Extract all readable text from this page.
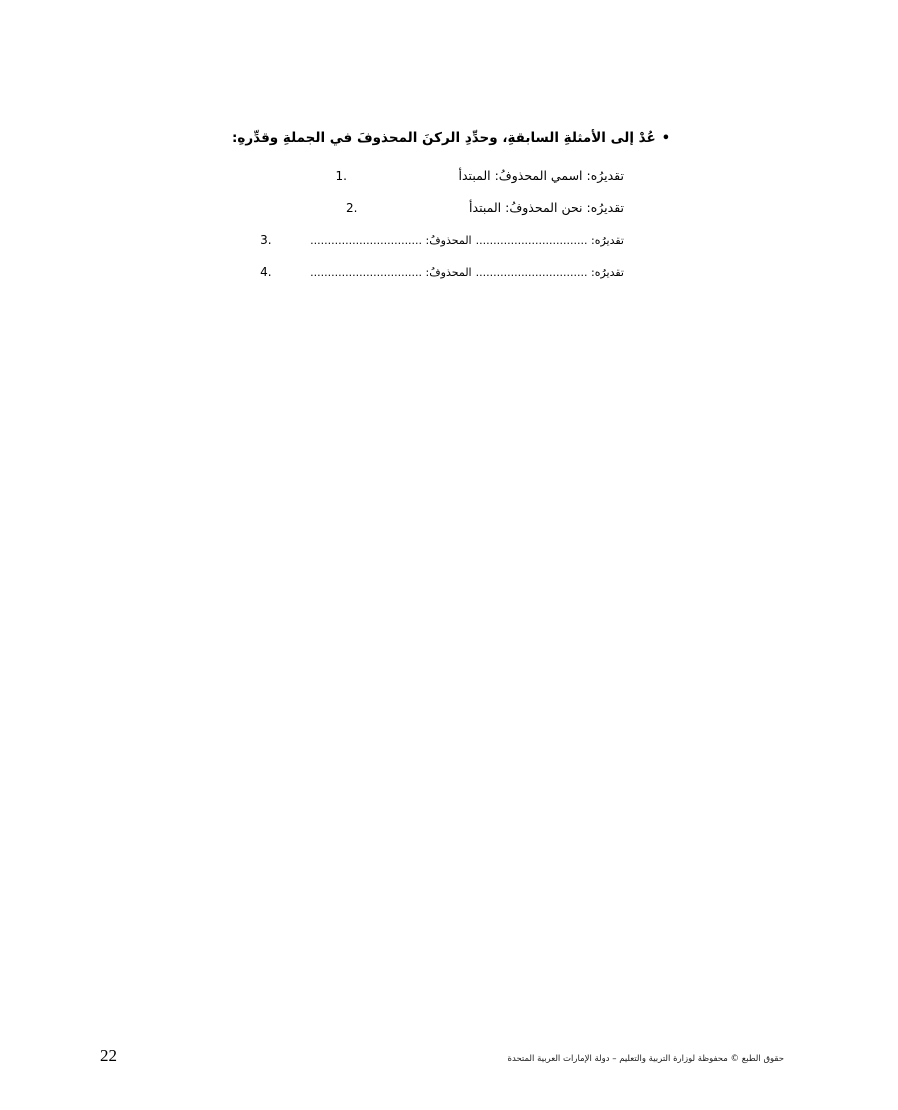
•
عُدْ إلى الأمثلةِ السابقةِ، وحدِّدِ الركنَ المحذوفَ في الجملةِ وقدِّرهِ:
تقديرُه: اسمي
المحذوفُ: المبتدأ
1.
تقديرُه: نحن
المحذوفُ: المبتدأ
2.
تقديرُه: ................................
المحذوفُ: ................................
3.
تقديرُه: ................................
المحذوفُ: ................................
4.
حقوق الطبع © محفوظة لوزارة التربية والتعليم – دولة الإمارات العربية المتحدة
22
